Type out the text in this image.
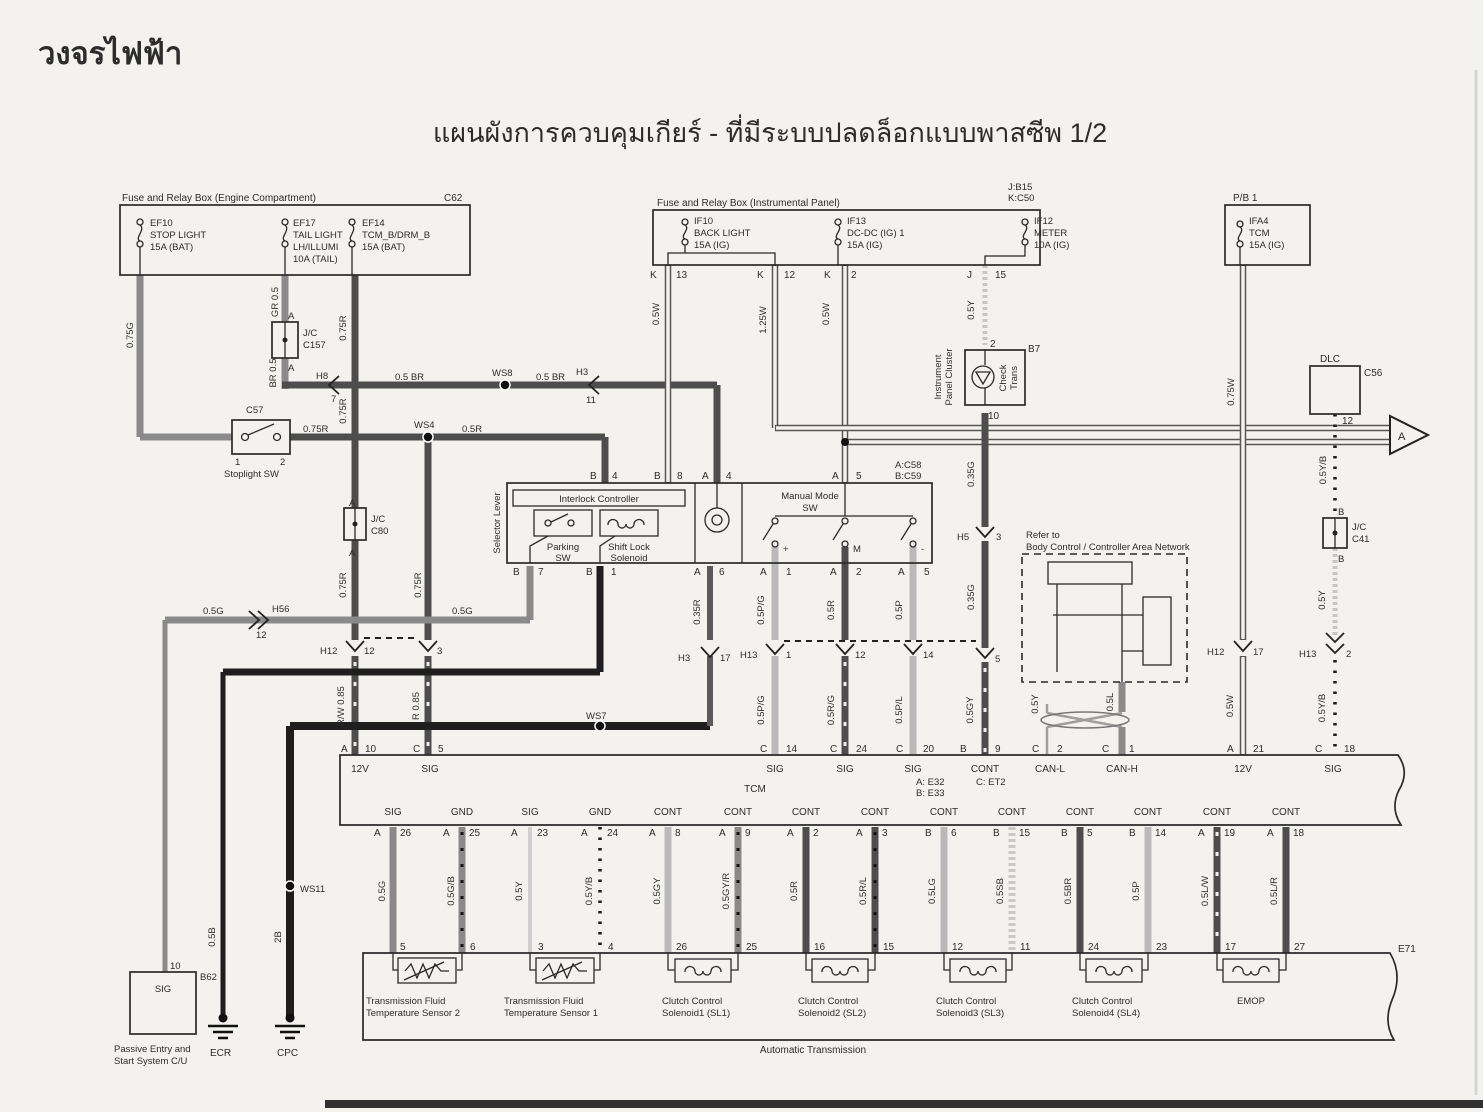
วงจรไฟฟ้า
แผนผังการควบคุมเกียร์ - ที่มีระบบปลดล็อกแบบพาสซีพ 1/2
Fuse and Relay Box (Engine Compartment)	C62
EF10
STOP LIGHT
15A (BAT)
EF17
TAIL LIGHT
LH/ILLUMI
10A (TAIL)
EF14
TCM_B/DRM_B
15A (BAT)
Fuse and Relay Box (Instrumental Panel)
J:B15
K:C50
IF10
BACK LIGHT
15A (IG)
IF13
DC-DC (IG) 1
15A (IG)
IF12
METER
10A (IG)
K 13	K 12	K 2	J 15
P/B 1
IFA4
TCM
15A (IG)
DLC
C56
12
C57
1	2
Stoplight SW
A
J/C
C157
A
A
J/C
C80
A
B
J/C
C41
B
A:C58
B:C59
Selector Lever	Interlock Controller
Parking
SW
Shift Lock
Solenoid
Manual Mode
SW
+	M	-
B 4	B 8 A 4	A 5
B 7	B 1	A 6	A 1	A 2	A 5
Instrument Panel Cluster
2	B7
Check Trans
10
Refer to
Body Control / Controller Area Network
A
0.75G
GR 0.5
BR 0.5
0.75R
0.75R
0.75R	0.75R
R/W 0.85	R 0.85
0.5 BR	0.5 BR
0.75R	0.5R
0.5G	0.5G
0.5W	1.25W	0.5W	0.5Y
0.75W
0.5Y/B
0.5Y
0.5Y/B
0.5W
0.35G
0.35G
0.5GY
0.35R	0.5P/G	0.5R	0.5P
0.5P/G	0.5R/G	0.5P/L	0.5Y	0.5L
0.5B	2B
0.5G	0.5G/B	0.5Y	0.5Y/B	0.5GY	0.5GY/R	0.5R	0.5R/L	0.5LG	0.5SB	0.5BR	0.5P	0.5L/W	0.5L/R
H8
7
WS8	H3
11
WS4
H56
12
H12	12	3
WS7
WS11
H3	17 H13	1	12	14	5
H5	3
H12	17	H13	2
TCM
A: E32
B: E33
C: ET2
A 10	C 5	C 14	C 24	C 20	B	9	C 2	C 1	A 21	C 18
12V	SIG	SIG	SIG	SIG	CONT	CAN-L	CAN-H	12V	SIG
SIG	GND	SIG	GND	CONT	CONT	CONT	CONT	CONT	CONT	CONT	CONT	CONT	CONT
A 26	A 25	A 23	A 24	A 8	A 9	A 2	A 3	B 6	B 15	B 5	B 14	A 19	A 18
5	6	3	4	26	25	16	15	12	11	24	23	17	27	E71
Automatic Transmission
Transmission Fluid
Temperature Sensor 2
Transmission Fluid
Temperature Sensor 1
Clutch Control
Solenoid1 (SL1)
Clutch Control
Solenoid2 (SL2)
Clutch Control
Solenoid3 (SL3)
Clutch Control
Solenoid4 (SL4)
EMOP
10
SIG
B62
Passive Entry and
Start System C/U
ECR	CPC
